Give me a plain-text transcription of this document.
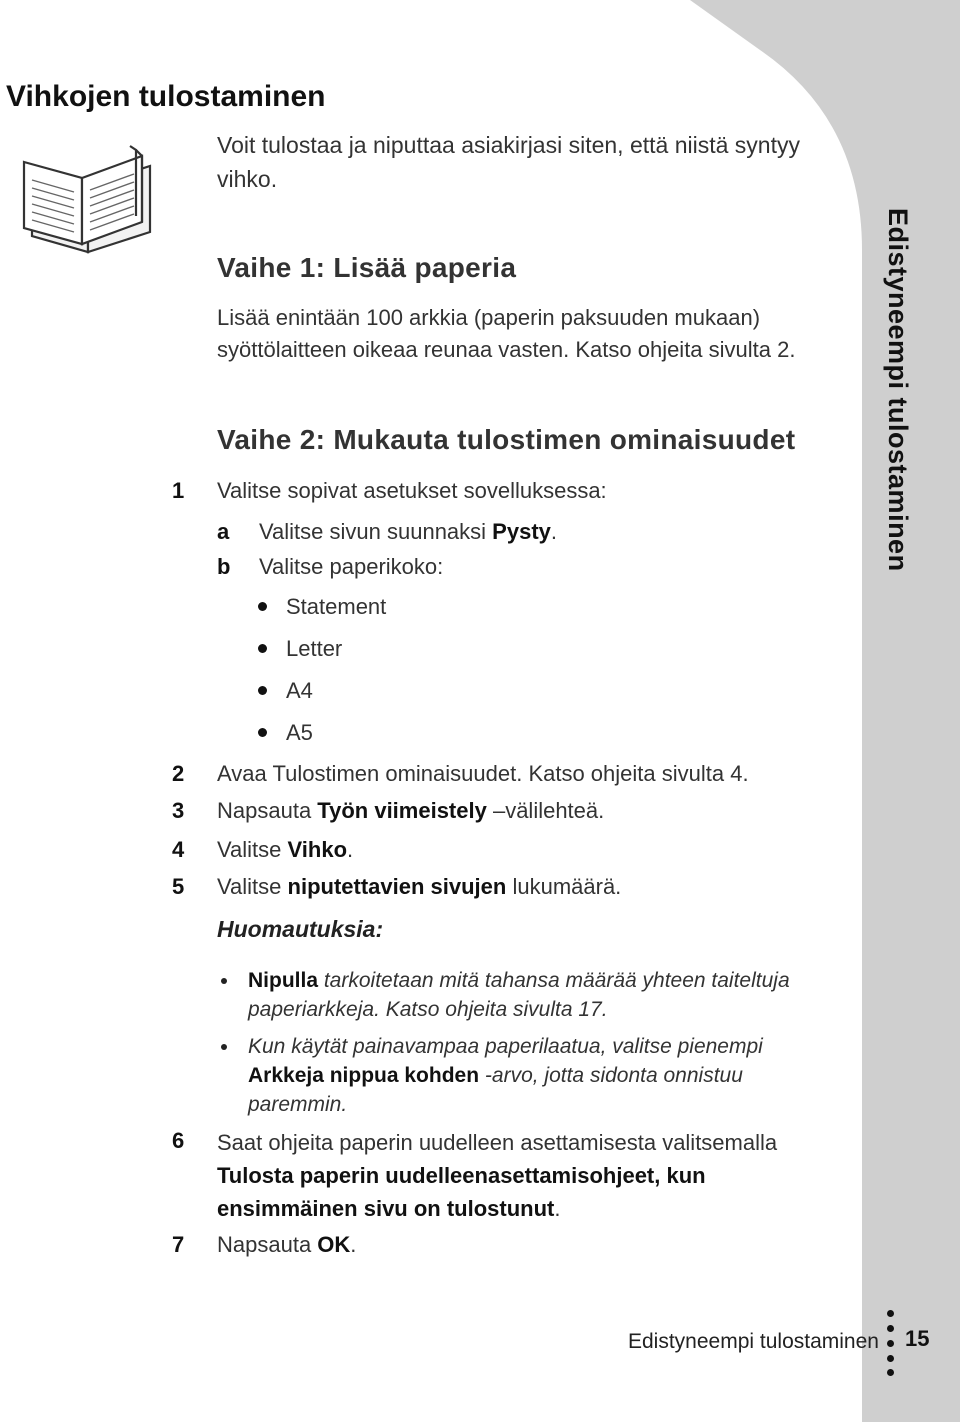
Edistyneempi tulostaminen
Vihkojen tulostaminen
Voit tulostaa ja niputtaa asiakirjasi siten, että niistä syntyy vihko.
Vaihe 1: Lisää paperia
Lisää enintään 100 arkkia (paperin paksuuden mukaan) syöttölaitteen oikeaa reunaa vasten. Katso ohjeita sivulta 2.
Vaihe 2: Mukauta tulostimen ominaisuudet
1	Valitse sopivat asetukset sovelluksessa:
a	Valitse sivun suunnaksi Pysty.
b Valitse paperikoko:
Statement
Letter
A4
A5
2	Avaa Tulostimen ominaisuudet. Katso ohjeita sivulta 4.
3	Napsauta Työn viimeistely –välilehteä.
4	Valitse Vihko.
5	Valitse niputettavien sivujen lukumäärä.
Huomautuksia:
Nipulla tarkoitetaan mitä tahansa määrää yhteen taiteltuja paperiarkkeja. Katso ohjeita sivulta 17.
Kun käytät painavampaa paperilaatua, valitse pienempi Arkkeja nippua kohden -arvo, jotta sidonta onnistuu paremmin.
6	Saat ohjeita paperin uudelleen asettamisesta valitsemalla Tulosta paperin uudelleenasettamisohjeet, kun ensimmäinen sivu on tulostunut.
7	Napsauta OK.
Edistyneempi tulostaminen 15
